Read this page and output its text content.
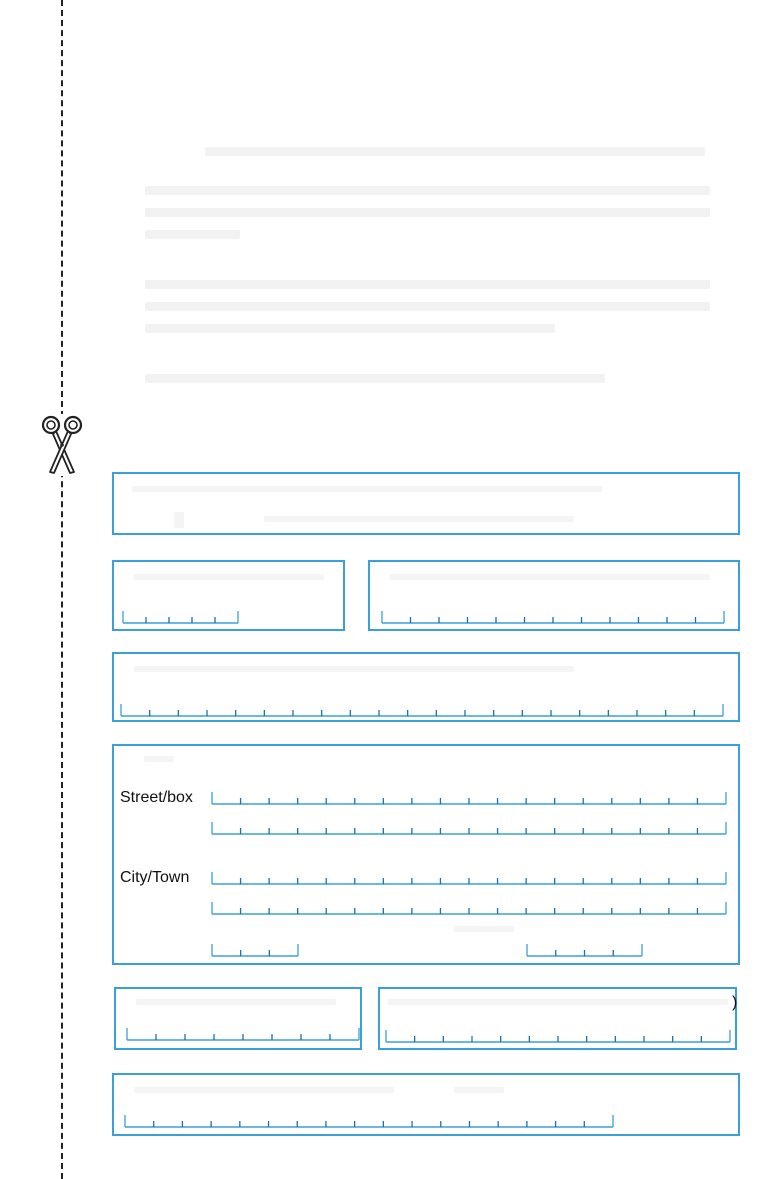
Street/box
City/Town
)
